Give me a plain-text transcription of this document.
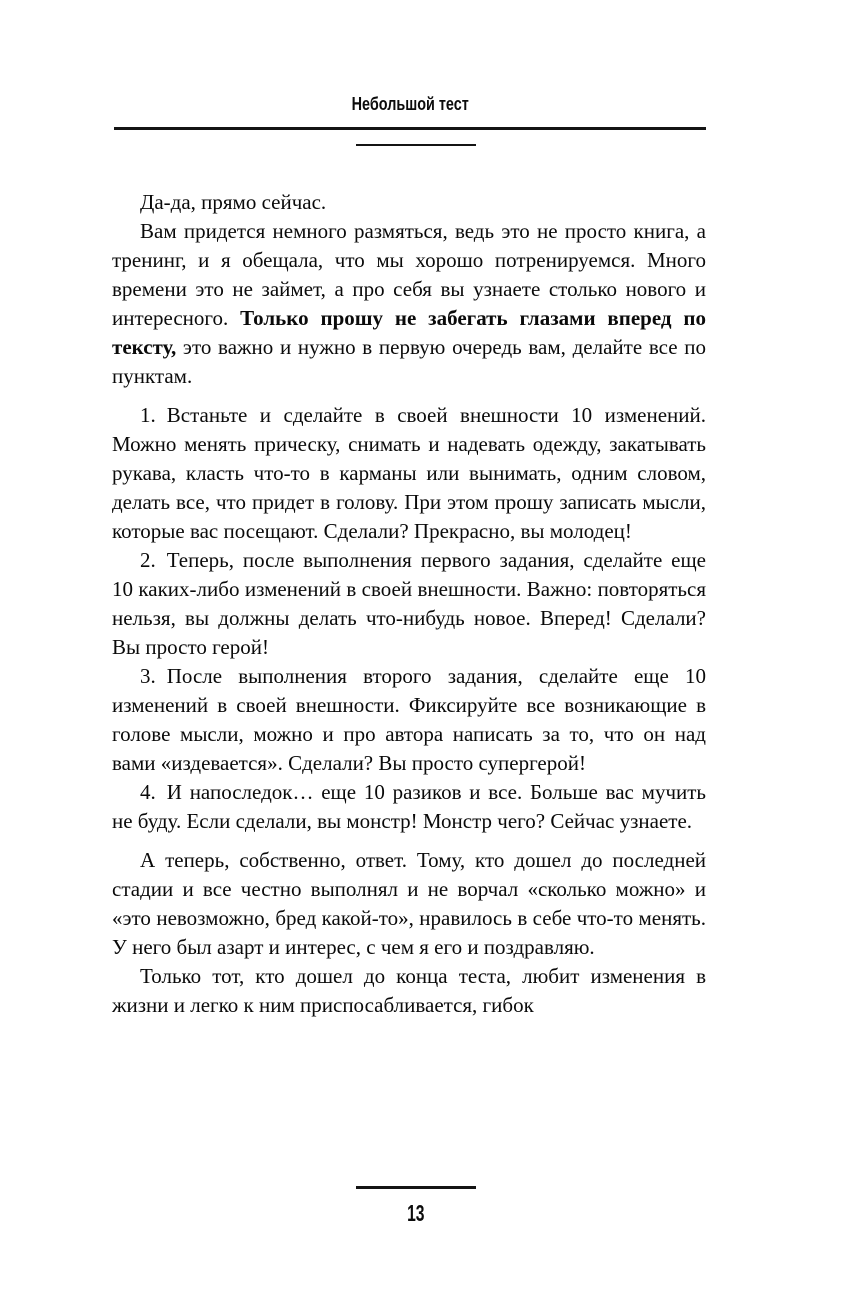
Небольшой тест

Да-да, прямо сейчас.

Вам придется немного размяться, ведь это не просто книга, а тренинг, и я обещала, что мы хорошо потренируемся. Много времени это не займет, а про себя вы узнаете столько нового и интересного. Только прошу не забегать глазами вперед по тексту, это важно и нужно в первую очередь вам, делайте все по пунктам.

1. Встаньте и сделайте в своей внешности 10 изменений. Можно менять прическу, снимать и надевать одежду, закатывать рукава, класть что-то в карманы или вынимать, одним словом, делать все, что придет в голову. При этом прошу записать мысли, которые вас посещают. Сделали? Прекрасно, вы молодец!

2. Теперь, после выполнения первого задания, сделайте еще 10 каких-либо изменений в своей внешности. Важно: повторяться нельзя, вы должны делать что-нибудь новое. Вперед! Сделали? Вы просто герой!

3. После выполнения второго задания, сделайте еще 10 изменений в своей внешности. Фиксируйте все возникающие в голове мысли, можно и про автора написать за то, что он над вами «издевается». Сделали? Вы просто супергерой!

4. И напоследок… еще 10 разиков и все. Больше вас мучить не буду. Если сделали, вы монстр! Монстр чего? Сейчас узнаете.

А теперь, собственно, ответ. Тому, кто дошел до последней стадии и все честно выполнял и не ворчал «сколько можно» и «это невозможно, бред какой-то», нравилось в себе что-то менять. У него был азарт и интерес, с чем я его и поздравляю.

Только тот, кто дошел до конца теста, любит изменения в жизни и легко к ним приспосабливается, гибок

13
